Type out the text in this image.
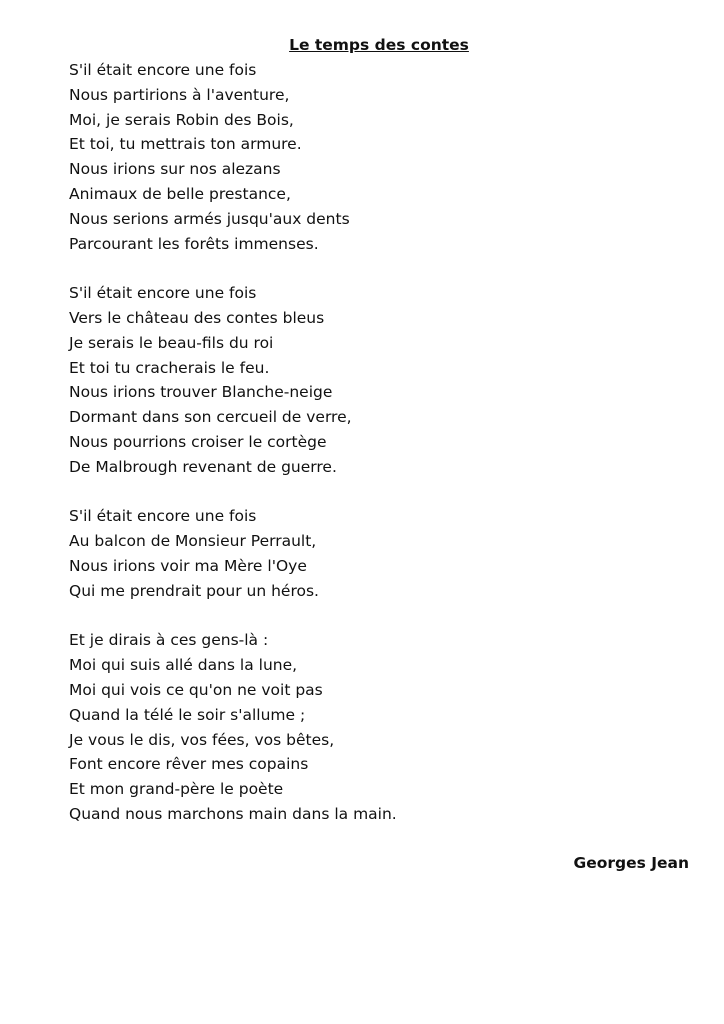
Le temps des contes
S'il était encore une fois
Nous partirions à l'aventure,
Moi, je serais Robin des Bois,
Et toi, tu mettrais ton armure.
Nous irions sur nos alezans
Animaux de belle prestance,
Nous serions armés jusqu'aux dents
Parcourant les forêts immenses.
S'il était encore une fois
Vers le château des contes bleus
Je serais le beau-fils du roi
Et toi tu cracherais le feu.
Nous irions trouver Blanche-neige
Dormant dans son cercueil de verre,
Nous pourrions croiser le cortège
De Malbrough revenant de guerre.
S'il était encore une fois
Au balcon de Monsieur Perrault,
Nous irions voir ma Mère l'Oye
Qui me prendrait pour un héros.
Et je dirais à ces gens-là :
Moi qui suis allé dans la lune,
Moi qui vois ce qu'on ne voit pas
Quand la télé le soir s'allume ;
Je vous le dis, vos fées, vos bêtes,
Font encore rêver mes copains
Et mon grand-père le poète
Quand nous marchons main dans la main.
Georges Jean
